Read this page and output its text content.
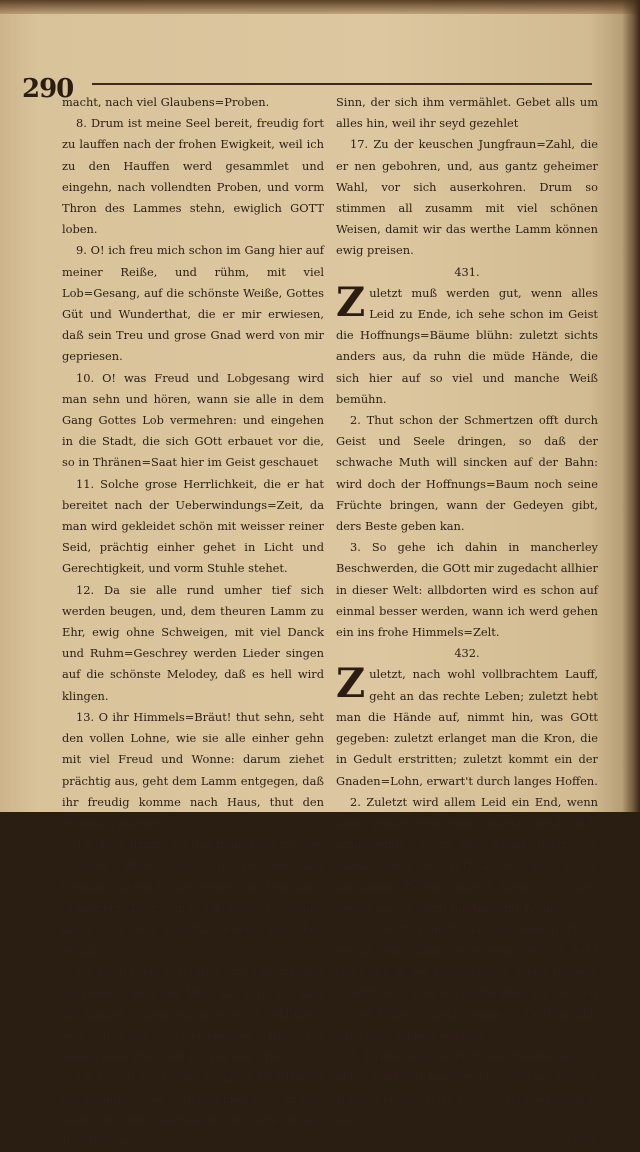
290

macht, nach viel Glaubens=Proben.

8. Drum ist meine Seel bereit, freudig fort zu lauffen nach der frohen Ewigkeit, weil ich zu den Hauffen werd gesammlet und eingehn, nach vollendten Proben, und vorm Thron des Lammes stehn, ewiglich GOTT loben.

9. O! ich freu mich schon im Gang hier auf meiner Reiße, und rühm, mit viel Lob=Gesang, auf die schönste Weiße, Gottes Güt und Wunderthat, die er mir erwiesen, daß sein Treu und grose Gnad werd von mir gepriesen.

10. O! was Freud und Lobgesang wird man sehn und hören, wann sie alle in dem Gang Gottes Lob vermehren: und eingehen in die Stadt, die sich GOtt erbauet vor die, so in Thränen=Saat hier im Geist geschauet

11. Solche grose Herrlichkeit, die er hat bereitet nach der Ueberwindungs=Zeit, da man wird gekleidet schön mit weisser reiner Seid, prächtig einher gehet in Licht und Gerechtigkeit, und vorm Stuhle stehet.

12. Da sie alle rund umher tief sich werden beugen, und, dem theuren Lamm zu Ehr, ewig ohne Schweigen, mit viel Danck und Ruhm=Geschrey werden Lieder singen auf die schönste Melodey, daß es hell wird klingen.

13. O ihr Himmels=Bräut! thut sehn, seht den vollen Lohne, wie sie alle einher gehn mit viel Freud und Wonne: darum ziehet prächtig aus, geht dem Lamm entgegen, daß ihr freudig komme nach Haus, thut den Schmuck anlegen.

14. Und stimmt an das neue Lied mit viel schönen Weisen, thut in Hertzen und Gemüth unsern König preisen mit sehr hoch erhabnem Thon, und mit hellem Schalle, damit ihm, dem Jungfraun=Sohn, euer Lob gefalle.

15. Haltet den verlobten Sinn jungfräulich im Gehen: geht der Welt das thre hin, daß ihr könnet stehen, wann sie euch verführen will durch ihr Lock=Geberden. Habt vor Augen euer Ziel, weil ihr von der Erden

16. Durch des reinen Lammes Blut theuer ausgekauffet: das muß kommen euch zu gut, wann ihr ihm nachlauffet in dem reinen Jungfraun=

Sinn, der sich ihm vermählet. Gebet alls um alles hin, weil ihr seyd gezehlet

17. Zu der keuschen Jungfraun=Zahl, die er nen gebohren, und, aus gantz geheimer Wahl, vor sich auserkohren. Drum so stimmen all zusamm mit viel schönen Weisen, damit wir das werthe Lamm können ewig preisen.

431.

Zuletzt muß werden gut, wenn alles Leid zu Ende, ich sehe schon im Geist die Hoffnungs=Bäume blühn: zuletzt sichts anders aus, da ruhn die müde Hände, die sich hier auf so viel und manche Weiß bemühn.

2. Thut schon der Schmertzen offt durch Geist und Seele dringen, so daß der schwache Muth will sincken auf der Bahn: wird doch der Hoffnungs=Baum noch seine Früchte bringen, wann der Gedeyen gibt, ders Beste geben kan.

3. So gehe ich dahin in mancherley Beschwerden, die GOtt mir zugedacht allhier in dieser Welt: allbdorten wird es schon auf einmal besser werden, wann ich werd gehen ein ins frohe Himmels=Zelt.

432.

Zuletzt, nach wohl vollbrachtem Lauff, geht an das rechte Leben; zuletzt hebt man die Hände auf, nimmt hin, was GOtt gegeben: zuletzt erlanget man die Kron, die in Gedult erstritten; zuletzt kommt ein der Gnaden=Lohn, erwart't durch langes Hoffen.

2. Zuletzt wird allem Leid ein End, wenn lang genug gestritten; zuletzt wird alles umgewendt, wenn alle Feind bestritten: zuletzt sieht es gantz anders aus, als in betrübten Zeiten; zuletzt theilt GOtt den Segen aus, u. lohnt mit tausend Freude

3. Zuletzt kommt man zu seinem Theil, ererbt, was lang verheissen; zuletzt wird GOtt uns in der Eil aus allem Elend reissen. Zuletzt sieht man ein andre Welt, als hier auf dieser Erden. Zuletzt, wann es GOtt gefällt, wird alles anders werden.

4. Drum muß die Hoffnung bleiben fest in allem Leid und Jammer, hier sind wir fremde Wander=Gäst, dort ist die Ruhe=Kammer: der

Jam=
